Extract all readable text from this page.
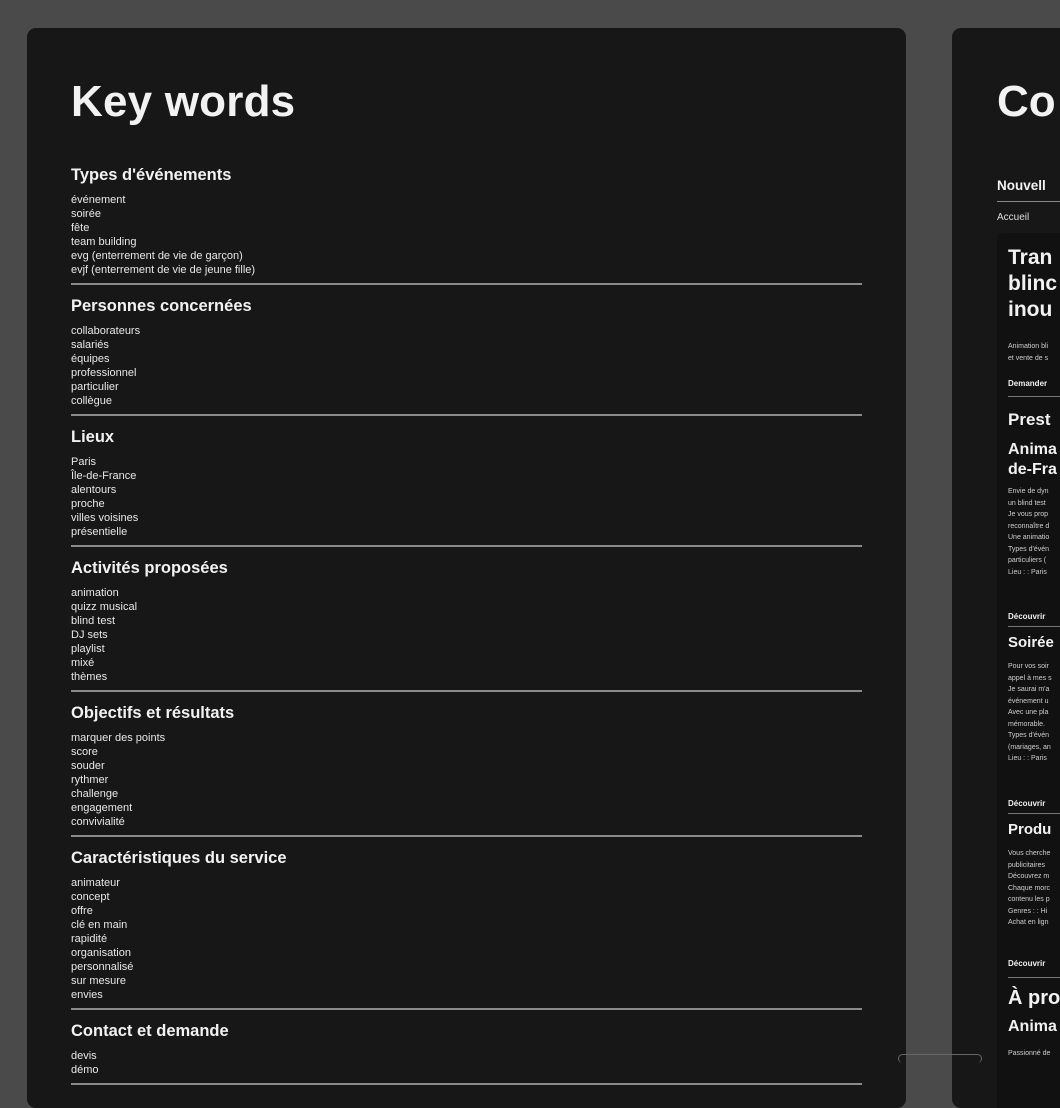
Key words
Types d'événements
événement
soirée
fête
team building
evg (enterrement de vie de garçon)
evjf (enterrement de vie de jeune fille)
Personnes concernées
collaborateurs
salariés
équipes
professionnel
particulier
collègue
Lieux
Paris
Île-de-France
alentours
proche
villes voisines
présentielle
Activités proposées
animation
quizz musical
blind test
DJ sets
playlist
mixé
thèmes
Objectifs et résultats
marquer des points
score
souder
rythmer
challenge
engagement
convivialité
Caractéristiques du service
animateur
concept
offre
clé en main
rapidité
organisation
personnalisé
sur mesure
envies
Contact et demande
devis
démo
Co
Nouvell
Accueil
Tran
blinc
inou
Animation bli
et vente de s
Demander
Prest
Anima
de-Fra
Envie de dyn
un blind test
Je vous prop
reconnaître d
Une animatio
Types d'évén
particuliers (
Lieu : : Paris
Découvrir
Soirée
Pour vos soir
appel à mes s
Je saurai m'a
événement u
Avec une pla
mémorable.
Types d'évén
(mariages, an
Lieu : : Paris
Découvrir
Produ
Vous cherche
publicitaires
Découvrez m
Chaque morc
contenu les p
Genres : : Hi
Achat en lign
Découvrir
À pro
Anima
Passionné de
